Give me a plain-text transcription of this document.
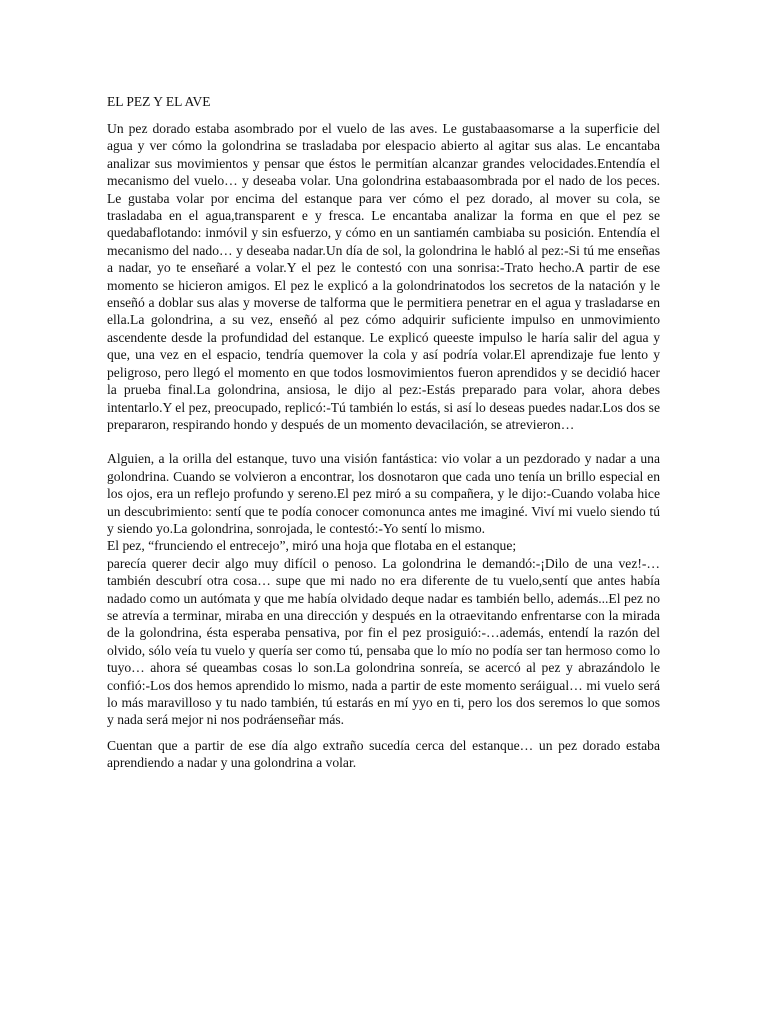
EL PEZ Y EL AVE

Un pez dorado estaba asombrado por el vuelo de las aves. Le gustabaasomarse a la superficie del agua y ver cómo la golondrina se trasladaba por elespacio abierto al agitar sus alas. Le encantaba analizar sus movimientos y pensar que éstos le permitían alcanzar grandes velocidades.Entendía el mecanismo del vuelo… y deseaba volar. Una golondrina estabaasombrada por el nado de los peces. Le gustaba volar por encima del estanque para ver cómo el pez dorado, al mover su cola, se trasladaba en el agua,transparent e y fresca. Le encantaba analizar la forma en que el pez se quedabaflotando: inmóvil y sin esfuerzo, y cómo en un santiamén cambiaba su posición. Entendía el mecanismo del nado… y deseaba nadar.Un día de sol, la golondrina le habló al pez:-Si tú me enseñas a nadar, yo te enseñaré a volar.Y el pez le contestó con una sonrisa:-Trato hecho.A partir de ese momento se hicieron amigos. El pez le explicó a la golondrinatodos los secretos de la natación y le enseñó a doblar sus alas y moverse de talforma que le permitiera penetrar en el agua y trasladarse en ella.La golondrina, a su vez, enseñó al pez cómo adquirir suficiente impulso en unmovimiento ascendente desde la profundidad del estanque. Le explicó queeste impulso le haría salir del agua y que, una vez en el espacio, tendría quemover la cola y así podría volar.El aprendizaje fue lento y peligroso, pero llegó el momento en que todos losmovimientos fueron aprendidos y se decidió hacer la prueba final.La golondrina, ansiosa, le dijo al pez:-Estás preparado para volar, ahora debes intentarlo.Y el pez, preocupado, replicó:-Tú también lo estás, si así lo deseas puedes nadar.Los dos se prepararon, respirando hondo y después de un momento devacilación, se atrevieron…

Alguien, a la orilla del estanque, tuvo una visión fantástica: vio volar a un pezdorado y nadar a una golondrina. Cuando se volvieron a encontrar, los dosnotaron que cada uno tenía un brillo especial en los ojos, era un reflejo profundo y sereno.El pez miró a su compañera, y le dijo:-Cuando volaba hice un descubrimiento: sentí que te podía conocer comonunca antes me imaginé. Viví mi vuelo siendo tú y siendo yo.La golondrina, sonrojada, le contestó:-Yo sentí lo mismo.

El pez, “frunciendo el entrecejo”, miró una hoja que flotaba en el estanque;

parecía querer decir algo muy difícil o penoso. La golondrina le demandó:-¡Dilo de una vez!-…también descubrí otra cosa… supe que mi nado no era diferente de tu vuelo,sentí que antes había nadado como un autómata y que me había olvidado deque nadar es también bello, además...El pez no se atrevía a terminar, miraba en una dirección y después en la otraevitando enfrentarse con la mirada de la golondrina, ésta esperaba pensativa, por fin el pez prosiguió:-…además, entendí la razón del olvido, sólo veía tu vuelo y quería ser como tú, pensaba que lo mío no podía ser tan hermoso como lo tuyo… ahora sé queambas cosas lo son.La golondrina sonreía, se acercó al pez y abrazándolo le confió:-Los dos hemos aprendido lo mismo, nada a partir de este momento seráigual… mi vuelo será lo más maravilloso y tu nado también, tú estarás en mí yyo en ti, pero los dos seremos lo que somos y nada será mejor ni nos podráenseñar más.

Cuentan que a partir de ese día algo extraño sucedía cerca del estanque… un pez dorado estaba aprendiendo a nadar y una golondrina a volar.
